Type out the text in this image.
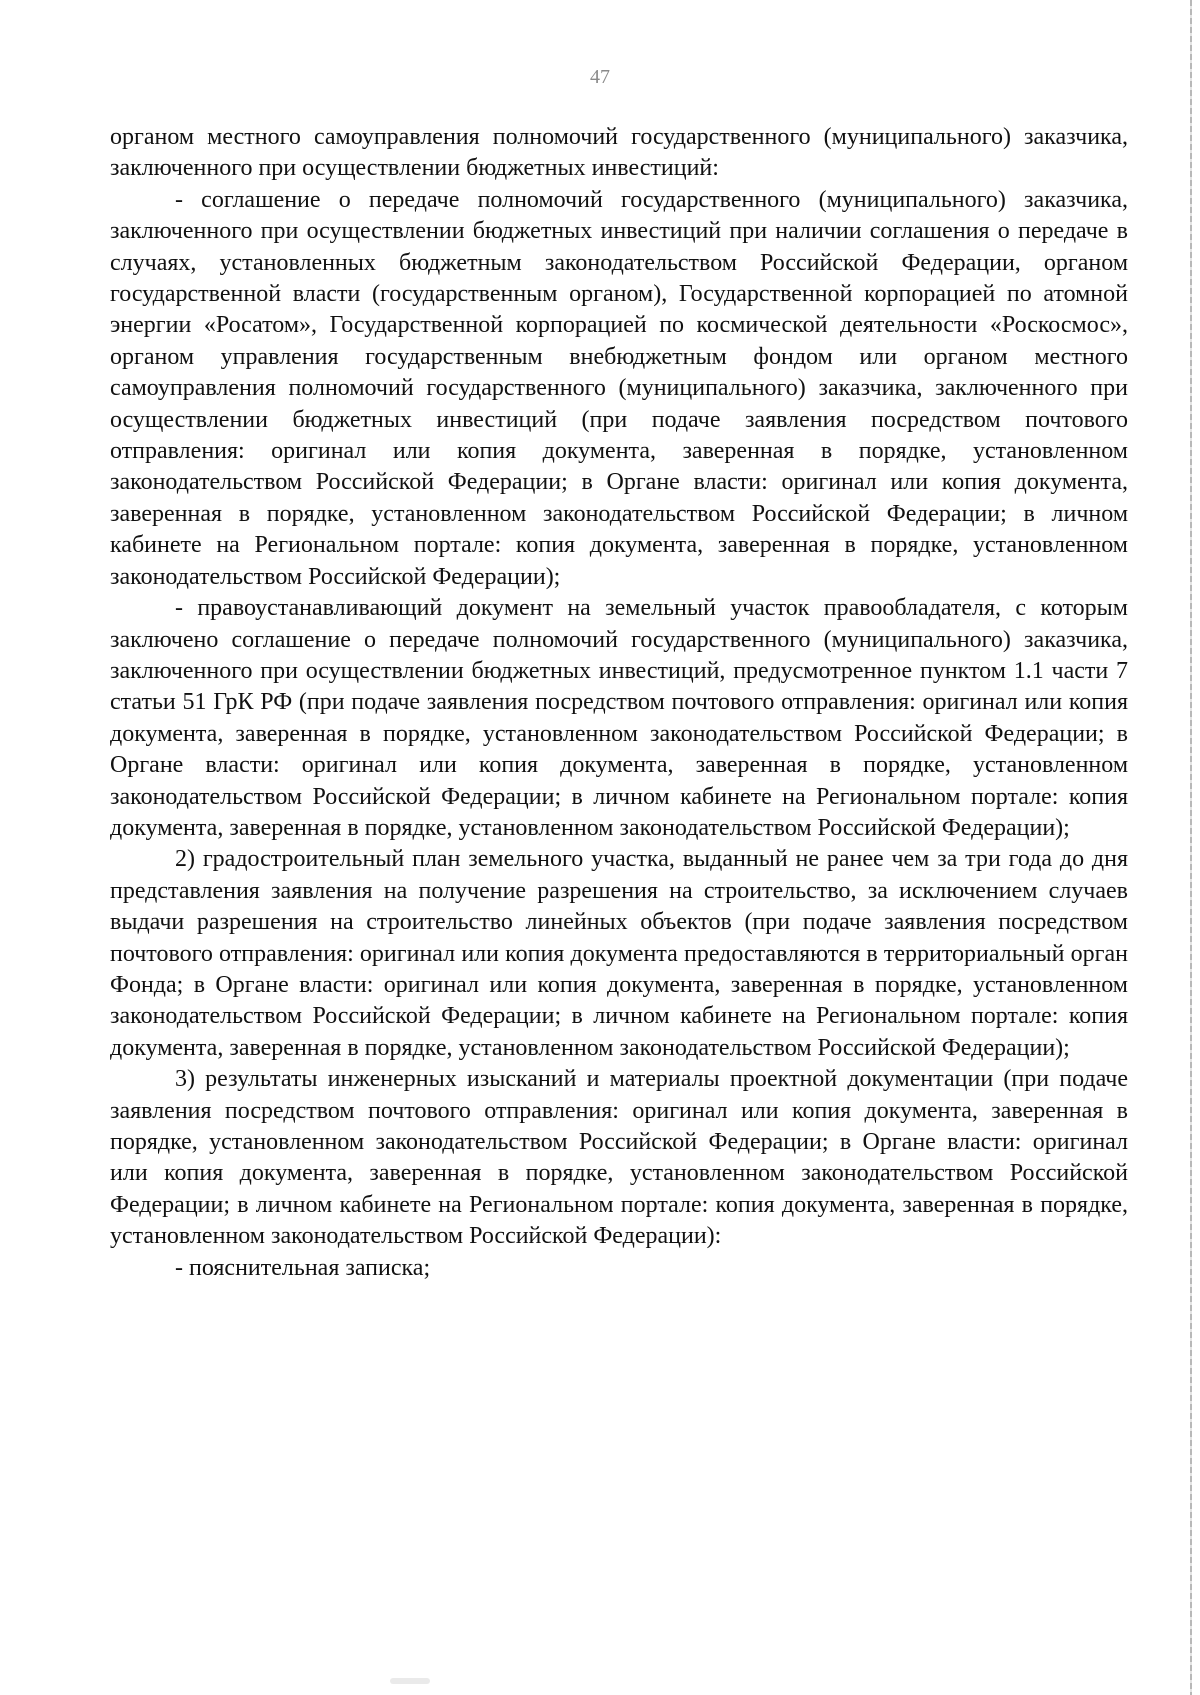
47

органом местного самоуправления полномочий государственного (муниципального) заказчика, заключенного при осуществлении бюджетных инвестиций:

- соглашение о передаче полномочий государственного (муниципального) заказчика, заключенного при осуществлении бюджетных инвестиций при наличии соглашения о передаче в случаях, установленных бюджетным законодательством Российской Федерации, органом государственной власти (государственным органом), Государственной корпорацией по атомной энергии «Росатом», Государственной корпорацией по космической деятельности «Роскосмос», органом управления государственным внебюджетным фондом или органом местного самоуправления полномочий государственного (муниципального) заказчика, заключенного при осуществлении бюджетных инвестиций (при подаче заявления посредством почтового отправления: оригинал или копия документа, заверенная в порядке, установленном законодательством Российской Федерации; в Органе власти: оригинал или копия документа, заверенная в порядке, установленном законодательством Российской Федерации; в личном кабинете на Региональном портале: копия документа, заверенная в порядке, установленном законодательством Российской Федерации);

- правоустанавливающий документ на земельный участок правообладателя, с которым заключено соглашение о передаче полномочий государственного (муниципального) заказчика, заключенного при осуществлении бюджетных инвестиций, предусмотренное пунктом 1.1 части 7 статьи 51 ГрК РФ (при подаче заявления посредством почтового отправления: оригинал или копия документа, заверенная в порядке, установленном законодательством Российской Федерации; в Органе власти: оригинал или копия документа, заверенная в порядке, установленном законодательством Российской Федерации; в личном кабинете на Региональном портале: копия документа, заверенная в порядке, установленном законодательством Российской Федерации);

2) градостроительный план земельного участка, выданный не ранее чем за три года до дня представления заявления на получение разрешения на строительство, за исключением случаев выдачи разрешения на строительство линейных объектов (при подаче заявления посредством почтового отправления: оригинал или копия документа предоставляются в территориальный орган Фонда; в Органе власти: оригинал или копия документа, заверенная в порядке, установленном законодательством Российской Федерации; в личном кабинете на Региональном портале: копия документа, заверенная в порядке, установленном законодательством Российской Федерации);

3) результаты инженерных изысканий и материалы проектной документации (при подаче заявления посредством почтового отправления: оригинал или копия документа, заверенная в порядке, установленном законодательством Российской Федерации; в Органе власти: оригинал или копия документа, заверенная в порядке, установленном законодательством Российской Федерации; в личном кабинете на Региональном портале: копия документа, заверенная в порядке, установленном законодательством Российской Федерации):

- пояснительная записка;
